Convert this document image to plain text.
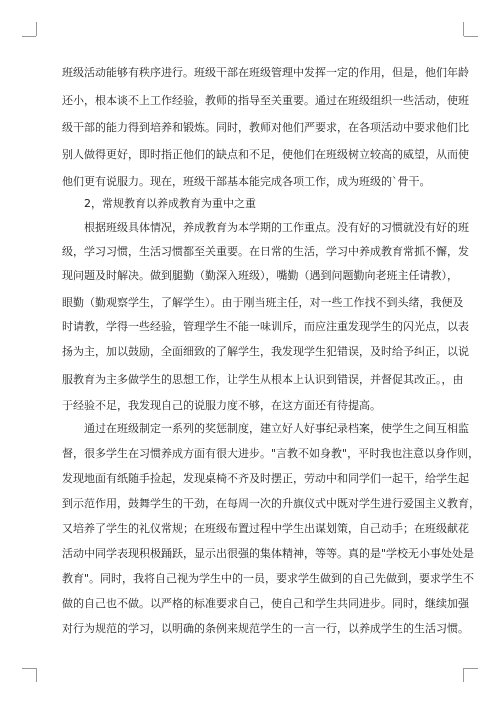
班级活动能够有秩序进行。班级干部在班级管理中发挥一定的作用，但是，他们年龄
还小，根本谈不上工作经验，教师的指导至关重要。通过在班级组织一些活动，使班
级干部的能力得到培养和锻炼。同时，教师对他们严要求，在各项活动中要求他们比
别人做得更好，即时指正他们的缺点和不足，使他们在班级树立较高的威望，从而使
他们更有说服力。现在，班级干部基本能完成各项工作，成为班级的`骨干。
2，常规教育以养成教育为重中之重
根据班级具体情况，养成教育为本学期的工作重点。没有好的习惯就没有好的班
级，学习习惯，生活习惯都至关重要。在日常的生活，学习中养成教育常抓不懈，发
现问题及时解决。做到腿勤（勤深入班级），嘴勤（遇到问题勤向老班主任请教），
眼勤（勤观察学生，了解学生）。由于刚当班主任，对一些工作找不到头绪，我便及
时请教，学得一些经验，管理学生不能一味训斥，而应注重发现学生的闪光点，以表
扬为主，加以鼓励，全面细致的了解学生，我发现学生犯错误，及时给予纠正，以说
服教育为主多做学生的思想工作，让学生从根本上认识到错误，并督促其改正。，由
于经验不足，我发现自己的说服力度不够，在这方面还有待提高。
通过在班级制定一系列的奖惩制度，建立好人好事纪录档案，使学生之间互相监
督，很多学生在习惯养成方面有很大进步。"言教不如身教"，平时我也注意以身作则，
发现地面有纸随手捡起，发现桌椅不齐及时摆正，劳动中和同学们一起干，给学生起
到示范作用，鼓舞学生的干劲，在每周一次的升旗仪式中既对学生进行爱国主义教育，
又培养了学生的礼仪常规；在班级布置过程中学生出谋划策，自己动手；在班级献花
活动中同学表现积极踊跃，显示出很强的集体精神，等等。真的是"学校无小事处处是
教育"。同时，我将自己视为学生中的一员，要求学生做到的自己先做到，要求学生不
做的自己也不做。以严格的标准要求自己，使自己和学生共同进步。同时，继续加强
对行为规范的学习，以明确的条例来规范学生的一言一行，以养成学生的生活习惯。
